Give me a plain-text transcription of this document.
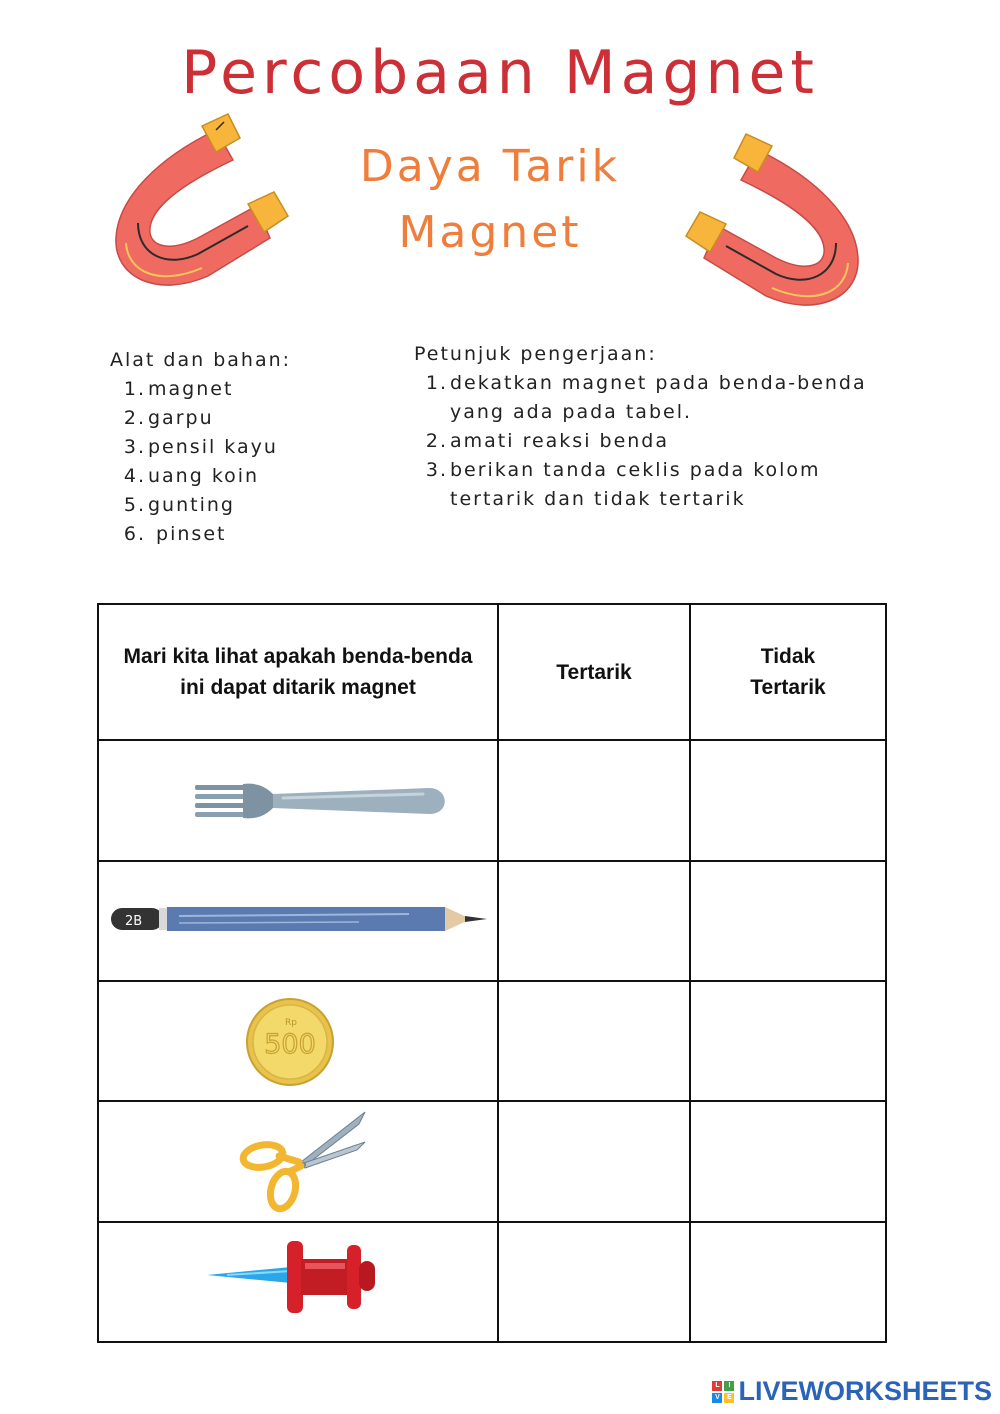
Percobaan Magnet
Daya Tarik
Magnet
Alat dan bahan:
1. magnet
2. garpu
3. pensil kayu
4. uang koin
5. gunting
6. pinset
Petunjuk pengerjaan:
1. dekatkan magnet pada benda-benda yang ada pada tabel.
2. amati reaksi benda
3. berikan tanda ceklis pada kolom tertarik dan tidak tertarik
Mari kita lihat apakah benda-benda ini dapat ditarik magnet	Tertarik	Tidak Tertarik

2B		

Rp
500		

L	I
V	E LIVEWORKSHEETS
